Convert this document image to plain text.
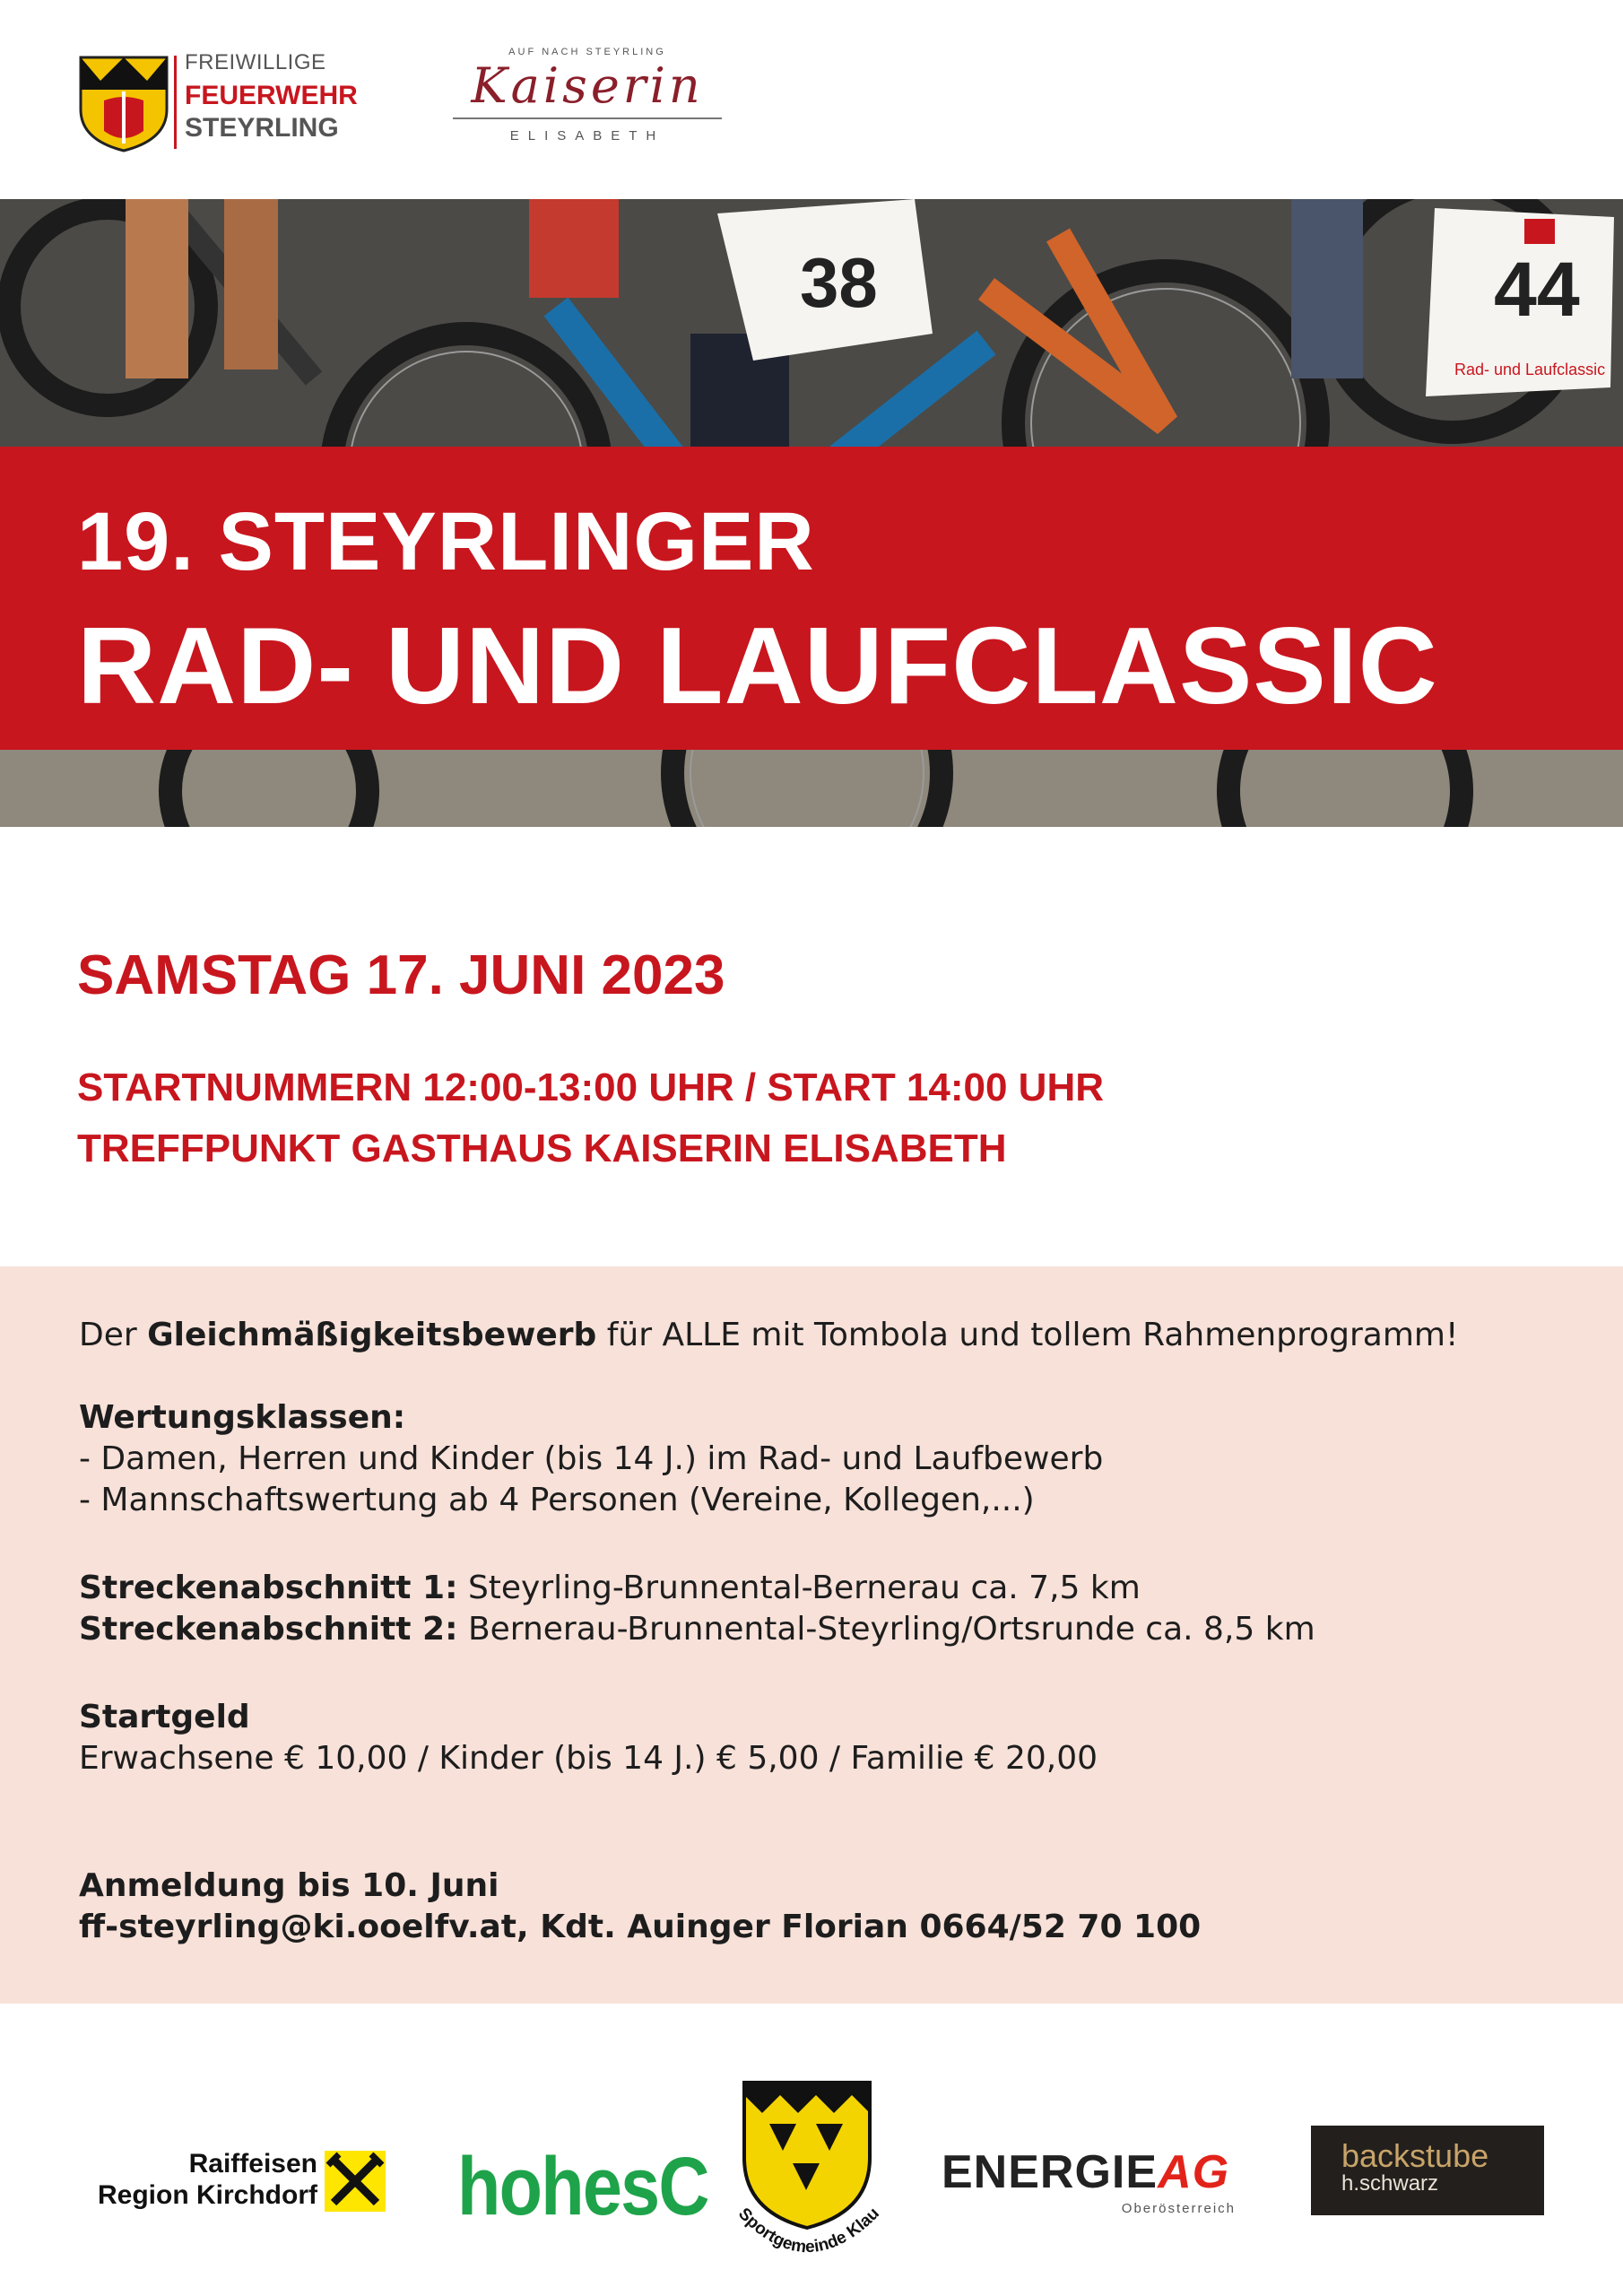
FREIWILLIGE
FEUERWEHR
STEYRLING
AUF NACH STEYRLING
Kaiserin
ELISABETH
38	44
Rad- und Laufclassic
19. STEYRLINGER
RAD- UND LAUFCLASSIC
SAMSTAG 17. JUNI 2023
STARTNUMMERN 12:00-13:00 UHR / START 14:00 UHR
TREFFPUNKT GASTHAUS KAISERIN ELISABETH

Der Gleichmäßigkeitsbewerb für ALLE mit Tombola und tollem Rahmenprogramm!

Wertungsklassen:

- Damen, Herren und Kinder (bis 14 J.) im Rad- und Laufbewerb

- Mannschaftswertung ab 4 Personen (Vereine, Kollegen,...)

Streckenabschnitt 1: Steyrling-Brunnental-Bernerau ca. 7,5 km

Streckenabschnitt 2: Bernerau-Brunnental-Steyrling/Ortsrunde ca. 8,5 km

Startgeld

Erwachsene € 10,00 / Kinder (bis 14 J.) € 5,00 / Familie € 20,00

Anmeldung bis 10. Juni

ff-steyrling@ki.ooelfv.at, Kdt. Auinger Florian 0664/52 70 100

Raiffeisen
Region Kirchdorf hohesC	Sportgemeinde Klau
ENERGIEAG
Oberösterreich
backstube
h.schwarz
